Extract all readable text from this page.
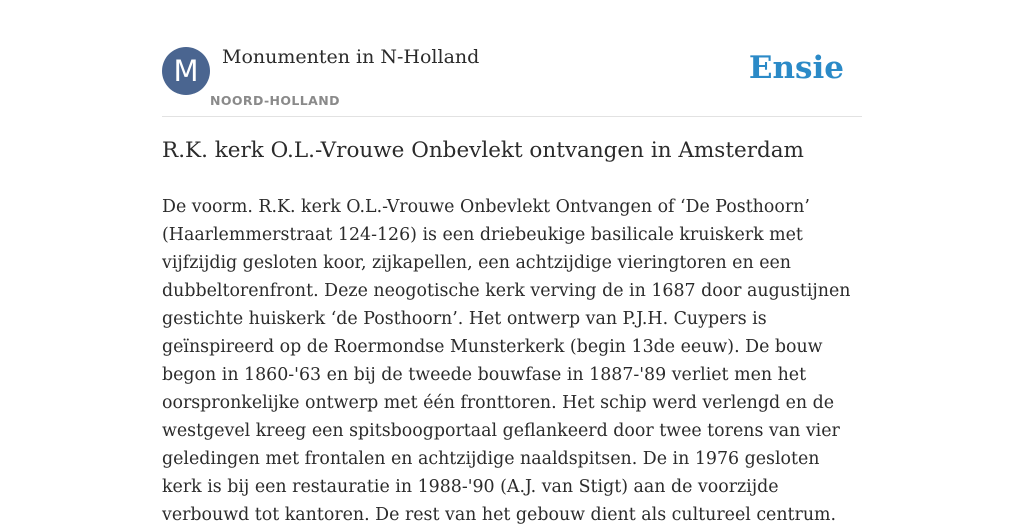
M	Monumenten in N-Holland
NOORD-HOLLAND
Ensie
R.K. kerk O.L.-Vrouwe Onbevlekt ontvangen in Amsterdam

De voorm. R.K. kerk O.L.-Vrouwe Onbevlekt Ontvangen of ‘De Posthoorn’ (Haarlemmerstraat 124-126) is een driebeukige basilicale kruiskerk met vijfzijdig gesloten koor, zijkapellen, een achtzijdige vieringtoren en een dubbeltorenfront. Deze neogotische kerk verving de in 1687 door augustijnen gestichte huiskerk ‘de Posthoorn’. Het ontwerp van P.J.H. Cuypers is geïnspireerd op de Roermondse Munsterkerk (begin 13de eeuw). De bouw begon in 1860-'63 en bij de tweede bouwfase in 1887-'89 verliet men het oorspronkelijke ontwerp met één fronttoren. Het schip werd verlengd en de westgevel kreeg een spitsboogportaal geflankeerd door twee torens van vier geledingen met frontalen en achtzijdige naaldspitsen. De in 1976 gesloten kerk is bij een restauratie in 1988-'90 (A.J. van Stigt) aan de voorzijde verbouwd tot kantoren. De rest van het gebouw dient als cultureel centrum.
